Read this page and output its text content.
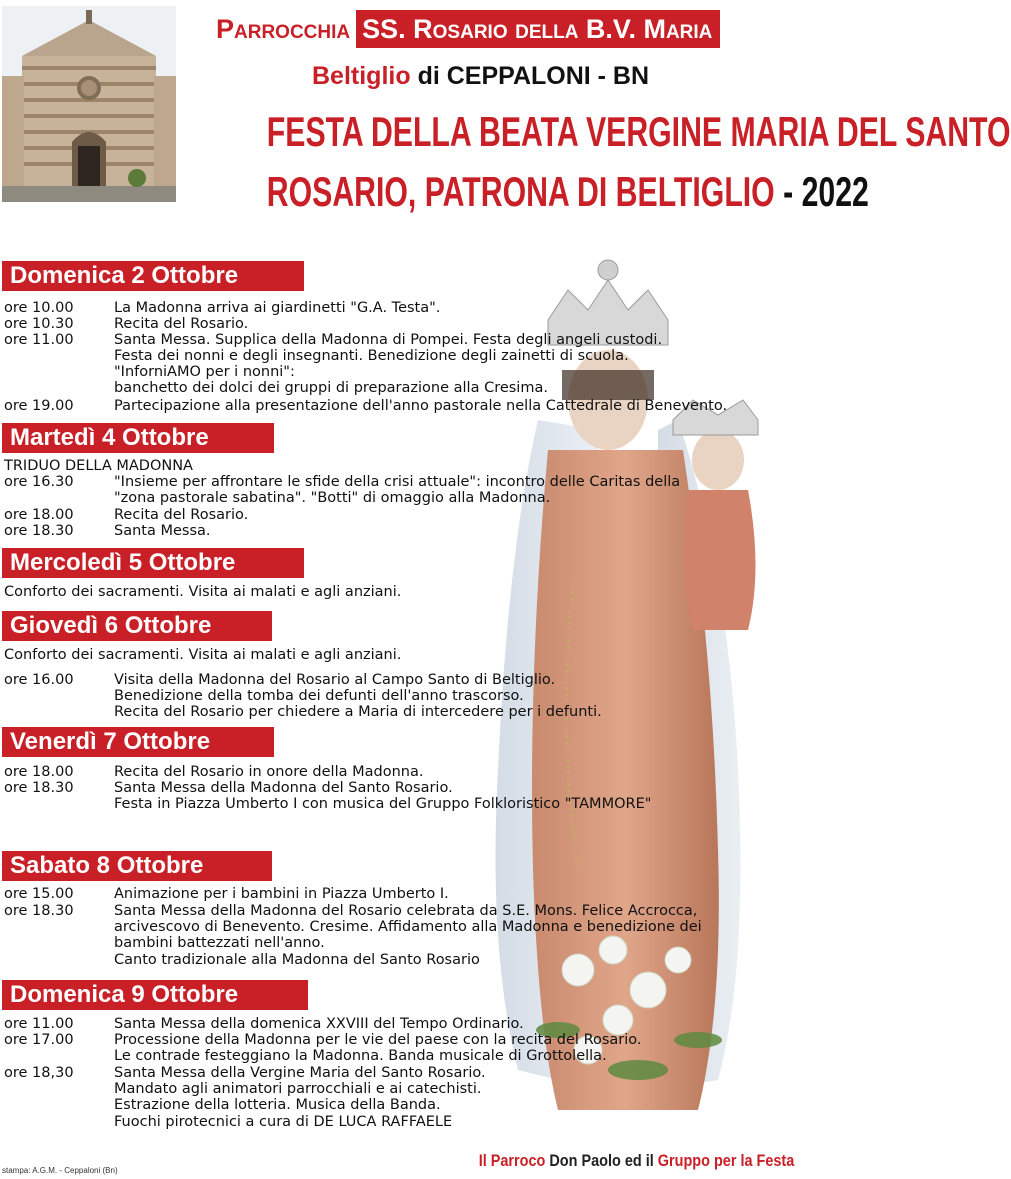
Parrocchia SS. Rosario della B.V. Maria
Beltiglio di CEPPALONI - BN
FESTA DELLA BEATA VERGINE MARIA DEL SANTO
ROSARIO, PATRONA DI BELTIGLIO - 2022
Domenica 2 Ottobre
Martedì 4 Ottobre
Mercoledì 5 Ottobre
Giovedì 6 Ottobre
Venerdì 7 Ottobre
Sabato 8 Ottobre
Domenica 9 Ottobre
ore 10.00	La Madonna arriva ai giardinetti "G.A. Testa".
ore 10.30	Recita del Rosario.
ore 11.00	Santa Messa. Supplica della Madonna di Pompei. Festa degli angeli custodi.
Festa dei nonni e degli insegnanti. Benedizione degli zainetti di scuola.
"InforniAMO per i nonni":
banchetto dei dolci dei gruppi di preparazione alla Cresima.
ore 19.00	Partecipazione alla presentazione dell'anno pastorale nella Cattedrale di Benevento.
TRIDUO DELLA MADONNA
ore 16.30	"Insieme per affrontare le sfide della crisi attuale": incontro delle Caritas della
"zona pastorale sabatina". "Botti" di omaggio alla Madonna.
ore 18.00	Recita del Rosario.
ore 18.30	Santa Messa.
Conforto dei sacramenti. Visita ai malati e agli anziani.
Conforto dei sacramenti. Visita ai malati e agli anziani.
ore 16.00	Visita della Madonna del Rosario al Campo Santo di Beltiglio.
Benedizione della tomba dei defunti dell'anno trascorso.
Recita del Rosario per chiedere a Maria di intercedere per i defunti.
ore 18.00	Recita del Rosario in onore della Madonna.
ore 18.30	Santa Messa della Madonna del Santo Rosario.
Festa in Piazza Umberto I con musica del Gruppo Folkloristico "TAMMORE"
ore 15.00	Animazione per i bambini in Piazza Umberto I.
ore 18.30	Santa Messa della Madonna del Rosario celebrata da S.E. Mons. Felice Accrocca,
arcivescovo di Benevento. Cresime. Affidamento alla Madonna e benedizione dei
bambini battezzati nell'anno.
Canto tradizionale alla Madonna del Santo Rosario
ore 11.00	Santa Messa della domenica XXVIII del Tempo Ordinario.
ore 17.00	Processione della Madonna per le vie del paese con la recita del Rosario.
Le contrade festeggiano la Madonna. Banda musicale di Grottolella.
ore 18,30	Santa Messa della Vergine Maria del Santo Rosario.
Mandato agli animatori parrocchiali e ai catechisti.
Estrazione della lotteria. Musica della Banda.
Fuochi pirotecnici a cura di DE LUCA RAFFAELE
stampa: A.G.M. - Ceppaloni (Bn)
Il Parroco Don Paolo ed il Gruppo per la Festa
